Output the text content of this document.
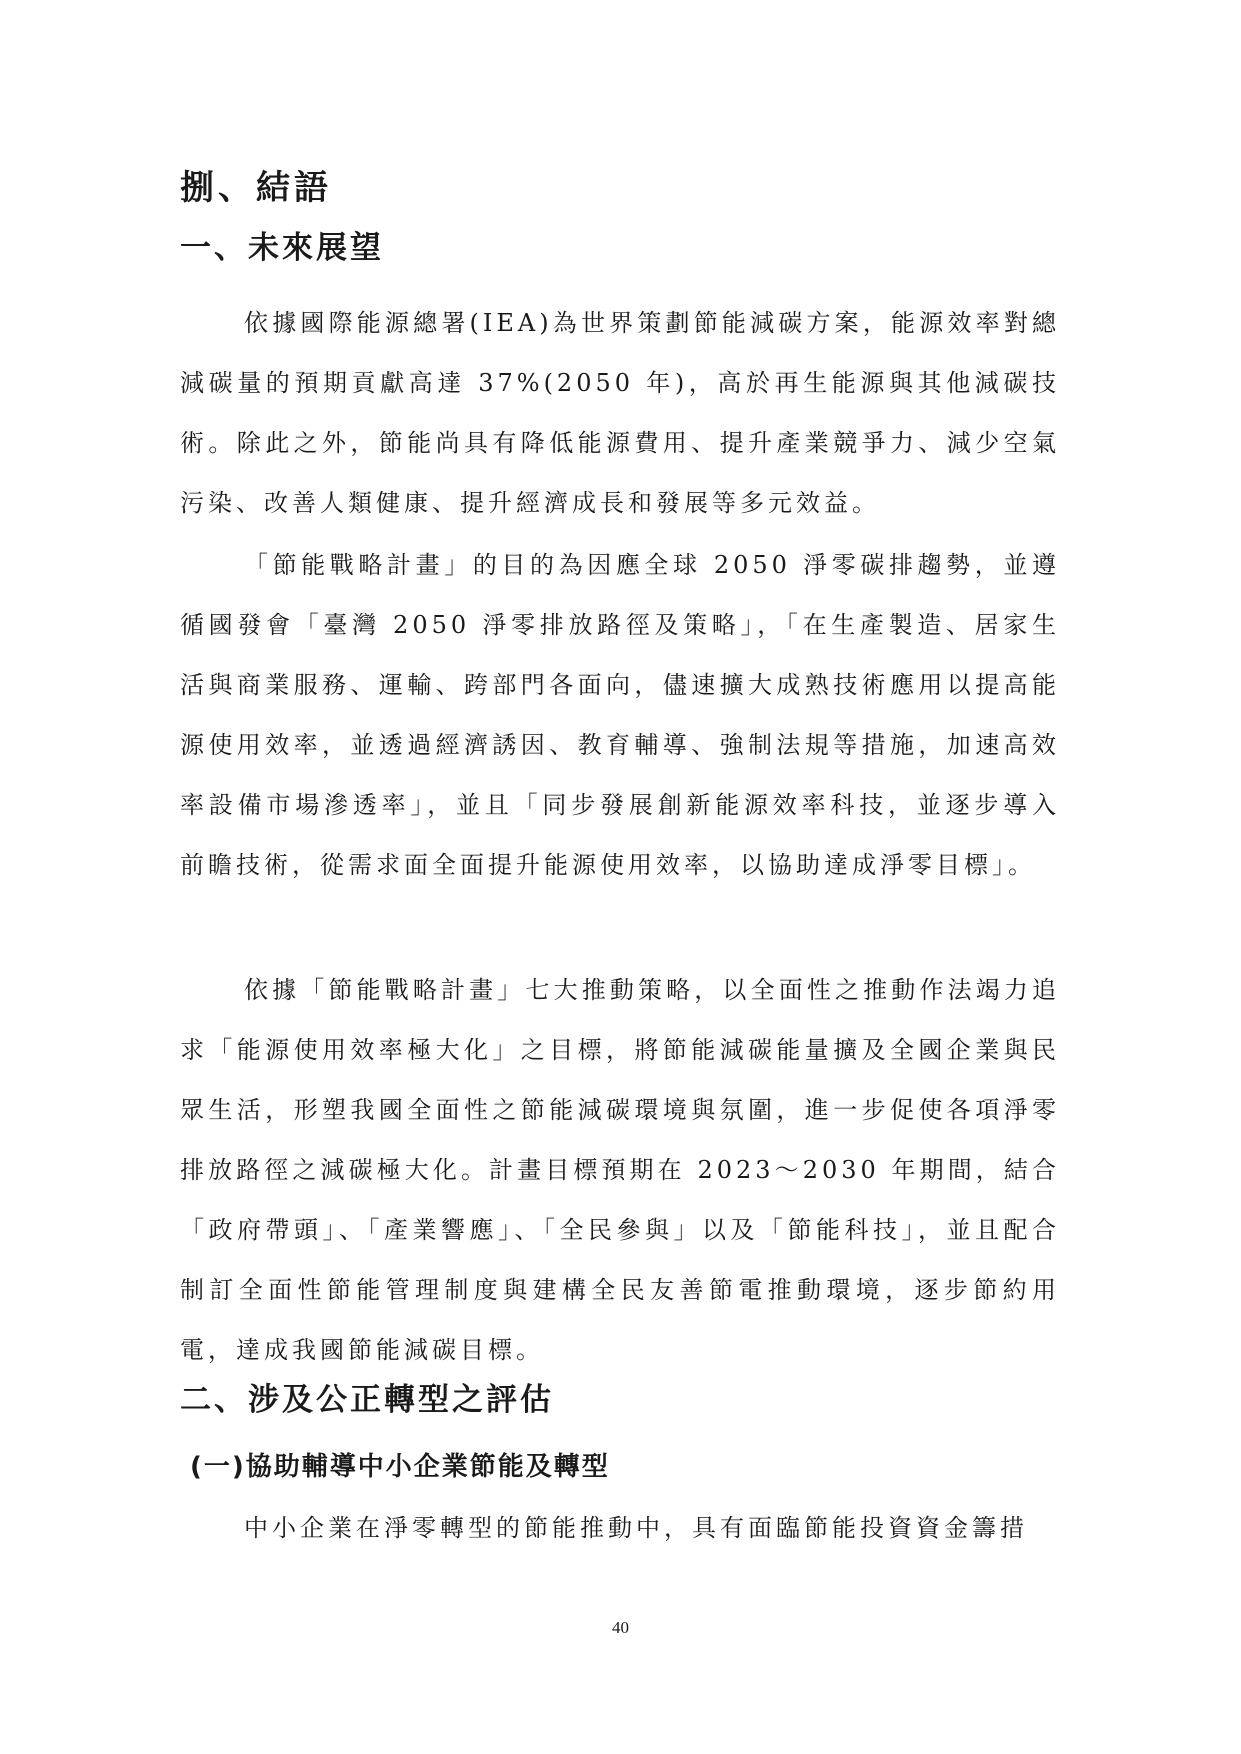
捌、結語
一、未來展望

依據國際能源總署(IEA)為世界策劃節能減碳方案，能源效率對總減碳量的預期貢獻高達 37%(2050 年)，高於再生能源與其他減碳技術。除此之外，節能尚具有降低能源費用、提升產業競爭力、減少空氣污染、改善人類健康、提升經濟成長和發展等多元效益。

「節能戰略計畫」的目的為因應全球 2050 淨零碳排趨勢，並遵循國發會「臺灣 2050 淨零排放路徑及策略」，「在生產製造、居家生活與商業服務、運輸、跨部門各面向，儘速擴大成熟技術應用以提高能源使用效率，並透過經濟誘因、教育輔導、強制法規等措施，加速高效率設備市場滲透率」，並且「同步發展創新能源效率科技，並逐步導入前瞻技術，從需求面全面提升能源使用效率，以協助達成淨零目標」。

依據「節能戰略計畫」七大推動策略，以全面性之推動作法竭力追求「能源使用效率極大化」之目標，將節能減碳能量擴及全國企業與民眾生活，形塑我國全面性之節能減碳環境與氛圍，進一步促使各項淨零排放路徑之減碳極大化。計畫目標預期在 2023～2030 年期間，結合「政府帶頭」、「產業響應」、「全民參與」以及「節能科技」，並且配合制訂全面性節能管理制度與建構全民友善節電推動環境，逐步節約用電，達成我國節能減碳目標。

二、涉及公正轉型之評估
(一)協助輔導中小企業節能及轉型

中小企業在淨零轉型的節能推動中，具有面臨節能投資資金籌措

40
